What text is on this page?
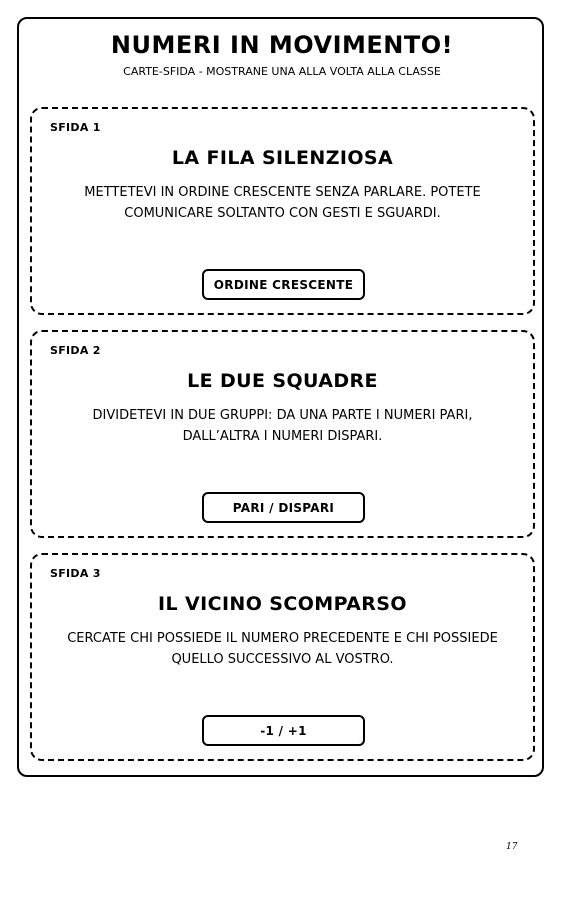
NUMERI IN MOVIMENTO!

CARTE-SFIDA - MOSTRANE UNA ALLA VOLTA ALLA CLASSE

SFIDA 1
LA FILA SILENZIOSA
METTETEVI IN ORDINE CRESCENTE SENZA PARLARE. POTETE COMUNICARE SOLTANTO CON GESTI E SGUARDI.
ORDINE CRESCENTE
SFIDA 2
LE DUE SQUADRE
DIVIDETEVI IN DUE GRUPPI: DA UNA PARTE I NUMERI PARI, DALL’ALTRA I NUMERI DISPARI.
PARI / DISPARI
SFIDA 3
IL VICINO SCOMPARSO
CERCATE CHI POSSIEDE IL NUMERO PRECEDENTE E CHI POSSIEDE QUELLO SUCCESSIVO AL VOSTRO.
-1 / +1
17
